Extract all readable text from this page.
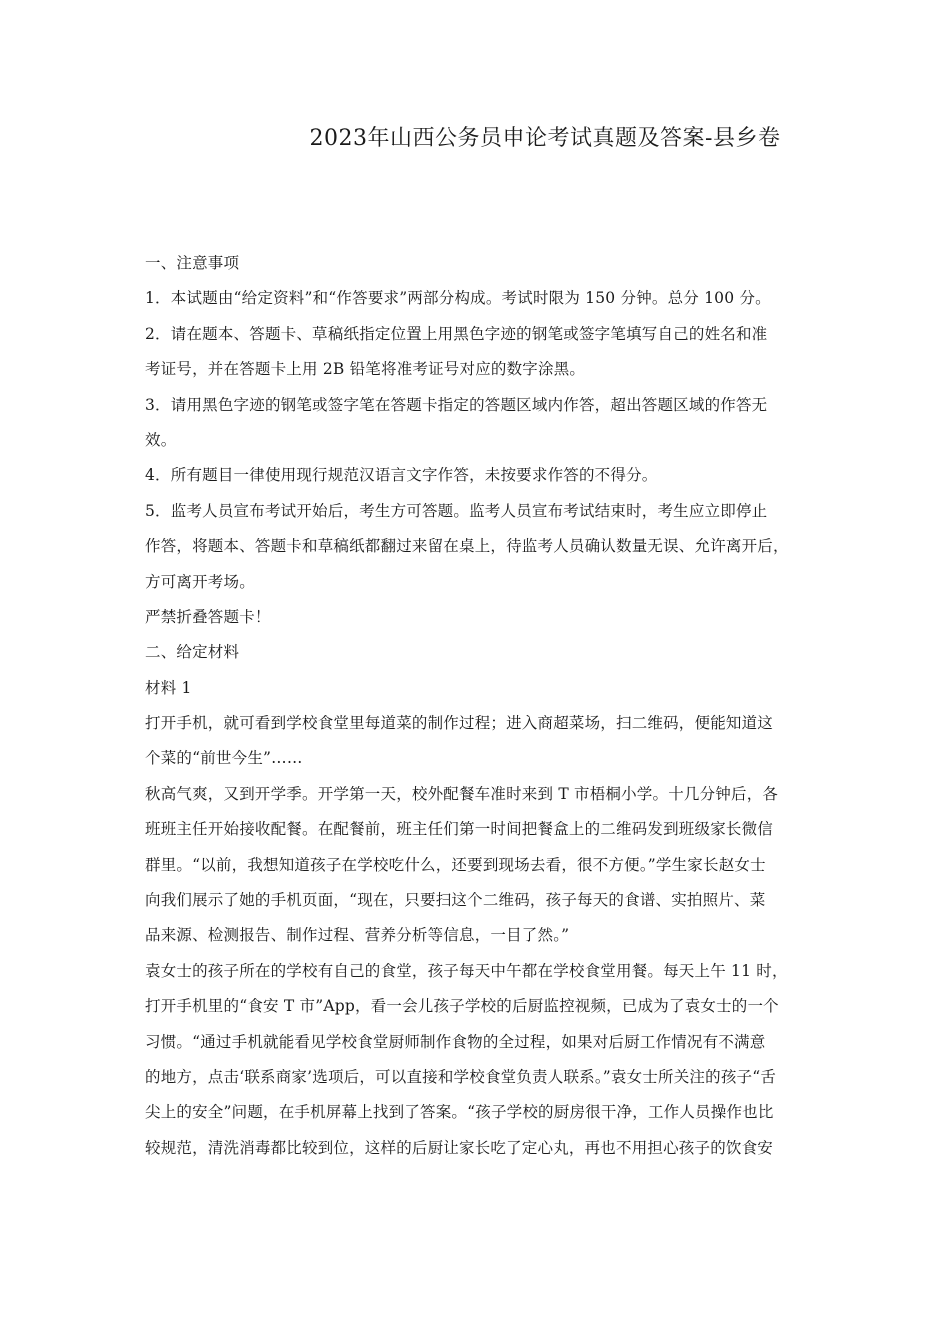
2023年山西公务员申论考试真题及答案-县乡卷
一、注意事项
1．本试题由“给定资料”和“作答要求”两部分构成。考试时限为 150 分钟。总分 100 分。
2．请在题本、答题卡、草稿纸指定位置上用黑色字迹的钢笔或签字笔填写自己的姓名和准
考证号，并在答题卡上用 2B 铅笔将准考证号对应的数字涂黑。
3．请用黑色字迹的钢笔或签字笔在答题卡指定的答题区域内作答，超出答题区域的作答无
效。
4．所有题目一律使用现行规范汉语言文字作答，未按要求作答的不得分。
5．监考人员宣布考试开始后，考生方可答题。监考人员宣布考试结束时，考生应立即停止
作答，将题本、答题卡和草稿纸都翻过来留在桌上，待监考人员确认数量无误、允许离开后，
方可离开考场。
严禁折叠答题卡！
二、给定材料
材料 1
打开手机，就可看到学校食堂里每道菜的制作过程；进入商超菜场，扫二维码，便能知道这
个菜的“前世今生”……
秋高气爽，又到开学季。开学第一天，校外配餐车准时来到 T 市梧桐小学。十几分钟后，各
班班主任开始接收配餐。在配餐前，班主任们第一时间把餐盒上的二维码发到班级家长微信
群里。“以前，我想知道孩子在学校吃什么，还要到现场去看，很不方便。”学生家长赵女士
向我们展示了她的手机页面，“现在，只要扫这个二维码，孩子每天的食谱、实拍照片、菜
品来源、检测报告、制作过程、营养分析等信息，一目了然。”
袁女士的孩子所在的学校有自己的食堂，孩子每天中午都在学校食堂用餐。每天上午 11 时，
打开手机里的“食安 T 市”App，看一会儿孩子学校的后厨监控视频，已成为了袁女士的一个
习惯。“通过手机就能看见学校食堂厨师制作食物的全过程，如果对后厨工作情况有不满意
的地方，点击‘联系商家’选项后，可以直接和学校食堂负责人联系。”袁女士所关注的孩子“舌
尖上的安全”问题，在手机屏幕上找到了答案。“孩子学校的厨房很干净，工作人员操作也比
较规范，清洗消毒都比较到位，这样的后厨让家长吃了定心丸，再也不用担心孩子的饮食安
